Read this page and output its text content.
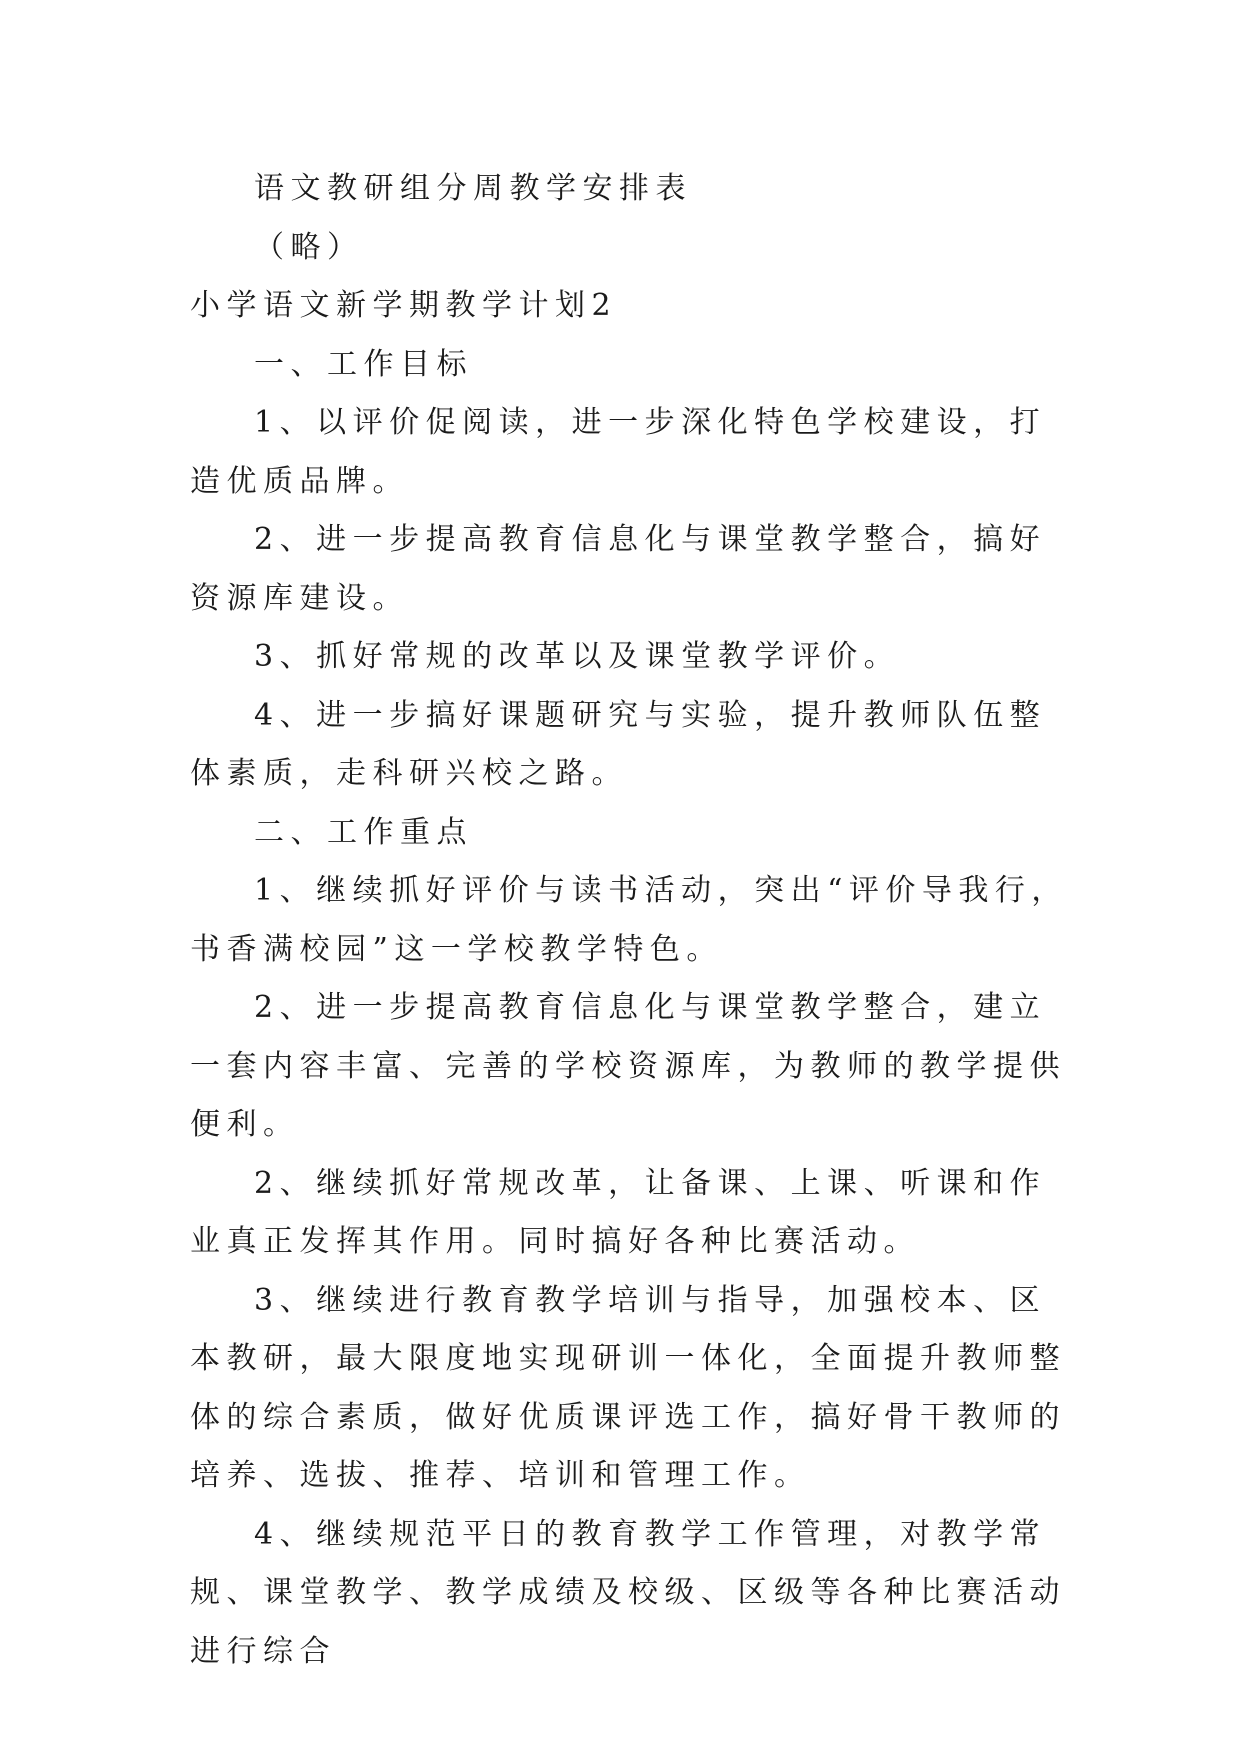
语文教研组分周教学安排表

（略）

小学语文新学期教学计划2

一、工作目标

1、以评价促阅读，进一步深化特色学校建设，打造优质品牌。

2、进一步提高教育信息化与课堂教学整合，搞好资源库建设。

3、抓好常规的改革以及课堂教学评价。

4、进一步搞好课题研究与实验，提升教师队伍整体素质，走科研兴校之路。

二、工作重点

1、继续抓好评价与读书活动，突出“评价导我行，书香满校园”这一学校教学特色。

2、进一步提高教育信息化与课堂教学整合，建立一套内容丰富、完善的学校资源库，为教师的教学提供便利。

2、继续抓好常规改革，让备课、上课、听课和作业真正发挥其作用。同时搞好各种比赛活动。

3、继续进行教育教学培训与指导，加强校本、区本教研，最大限度地实现研训一体化，全面提升教师整体的综合素质，做好优质课评选工作，搞好骨干教师的培养、选拔、推荐、培训和管理工作。

4、继续规范平日的教育教学工作管理，对教学常规、课堂教学、教学成绩及校级、区级等各种比赛活动进行综合
